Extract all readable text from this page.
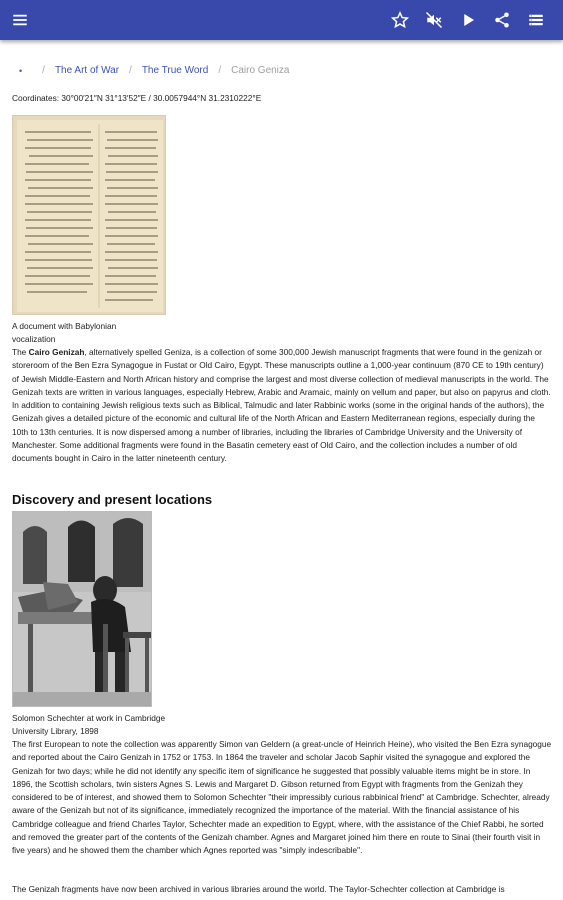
• / The Art of War / The True Word / Cairo Geniza
Coordinates: 30°00′21″N 31°13′52″E / 30.0057944°N 31.2310222°E
A document with Babylonian vocalization
The Cairo Genizah, alternatively spelled Geniza, is a collection of some 300,000 Jewish manuscript fragments that were found in the genizah or storeroom of the Ben Ezra Synagogue in Fustat or Old Cairo, Egypt. These manuscripts outline a 1,000-year continuum (870 CE to 19th century) of Jewish Middle-Eastern and North African history and comprise the largest and most diverse collection of medieval manuscripts in the world. The Genizah texts are written in various languages, especially Hebrew, Arabic and Aramaic, mainly on vellum and paper, but also on papyrus and cloth. In addition to containing Jewish religious texts such as Biblical, Talmudic and later Rabbinic works (some in the original hands of the authors), the Genizah gives a detailed picture of the economic and cultural life of the North African and Eastern Mediterranean regions, especially during the 10th to 13th centuries. It is now dispersed among a number of libraries, including the libraries of Cambridge University and the University of Manchester. Some additional fragments were found in the Basatin cemetery east of Old Cairo, and the collection includes a number of old documents bought in Cairo in the latter nineteenth century.
Discovery and present locations
Solomon Schechter at work in Cambridge University Library, 1898
The first European to note the collection was apparently Simon van Geldern (a great-uncle of Heinrich Heine), who visited the Ben Ezra synagogue and reported about the Cairo Genizah in 1752 or 1753. In 1864 the traveler and scholar Jacob Saphir visited the synagogue and explored the Genizah for two days; while he did not identify any specific item of significance he suggested that possibly valuable items might be in store. In 1896, the Scottish scholars, twin sisters Agnes S. Lewis and Margaret D. Gibson returned from Egypt with fragments from the Genizah they considered to be of interest, and showed them to Solomon Schechter "their impressibly curious rabbinical friend" at Cambridge. Schechter, already aware of the Genizah but not of its significance, immediately recognized the importance of the material. With the financial assistance of his Cambridge colleague and friend Charles Taylor, Schechter made an expedition to Egypt, where, with the assistance of the Chief Rabbi, he sorted and removed the greater part of the contents of the Genizah chamber. Agnes and Margaret joined him there en route to Sinai (their fourth visit in five years) and he showed them the chamber which Agnes reported was "simply indescribable".
The Genizah fragments have now been archived in various libraries around the world. The Taylor-Schechter collection at Cambridge is
